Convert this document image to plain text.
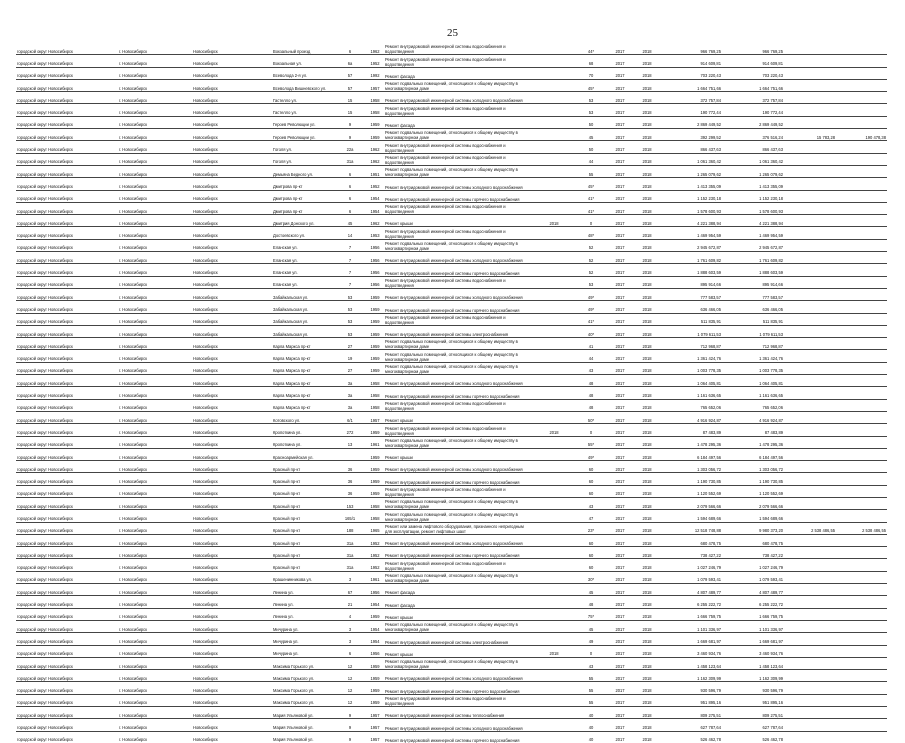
25
городской округ Новосибирск	г. Новосибирск	Новосибирск	Вокзальный проезд	6		1962	Ремонт внутридомовой инженерной системы водоснабжения и водоотведения		44*	2017	2018	966 769,25	966 769,25		
городской округ Новосибирск	г. Новосибирск	Новосибирск	Вокзальная ул.	6а		1952	Ремонт внутридомовой инженерной системы водоснабжения и водоотведения		68	2017	2018	914 609,81	914 609,81		
городской округ Новосибирск	г. Новосибирск	Новосибирск	Всеволода 2-я ул.	57		1992	Ремонт фасада		70	2017	2018	703 220,43	703 220,43		
городской округ Новосибирск	г. Новосибирск	Новосибирск	Всеволода Вишневского ул.	57		1957	Ремонт подвальных помещений, относящихся к общему имуществу в многоквартирном доме		45*	2017	2018	1 664 751,66	1 664 751,66		
городской округ Новосибирск	г. Новосибирск	Новосибирск	Гастелло ул.	15		1958	Ремонт внутридомовой инженерной системы холодного водоснабжения		53	2017	2018	372 757,84	372 757,84		
городской округ Новосибирск	г. Новосибирск	Новосибирск	Гастелло ул.	15		1958	Ремонт внутридомовой инженерной системы водоснабжения и водоотведения		53	2017	2018	190 772,44	190 772,44		
городской округ Новосибирск	г. Новосибирск	Новосибирск	Героев Революции ул.	9		1959	Ремонт фасада		50	2017	2018	2 869 449,52	2 869 449,52		
городской округ Новосибирск	г. Новосибирск	Новосибирск	Героев Революции ул.	9		1959	Ремонт подвальных помещений, относящихся к общему имуществу в многоквартирном доме		45	2017	2018	392 299,52	376 516,24	15 783,28	190 478,38
городской округ Новосибирск	г. Новосибирск	Новосибирск	Гоголя ул.	22а		1962	Ремонт внутридомовой инженерной системы водоснабжения и водоотведения		50	2017	2018	866 437,63	866 437,63		
городской округ Новосибирск	г. Новосибирск	Новосибирск	Гоголя ул.	31а		1962	Ремонт внутридомовой инженерной системы водоснабжения и водоотведения		44	2017	2018	1 061 360,42	1 061 360,42		
городской округ Новосибирск	г. Новосибирск	Новосибирск	Демьяна Бедного ул.	6		1951	Ремонт подвальных помещений, относящихся к общему имуществу в многоквартирном доме		55	2017	2018	1 265 079,62	1 265 079,62		
городской округ Новосибирск	г. Новосибирск	Новосибирск	Дмитрова пр-кт	6		1952	Ремонт внутридомовой инженерной системы холодного водоснабжения		45*	2017	2018	1 413 355,09	1 413 355,09		
городской округ Новосибирск	г. Новосибирск	Новосибирск	Дмитрова пр-кт	6		1954	Ремонт внутридомовой инженерной системы горячего водоснабжения		41*	2017	2018	1 152 230,18	1 152 230,18		
городской округ Новосибирск	г. Новосибирск	Новосибирск	Дмитрова пр-кт	6		1954	Ремонт внутридомовой инженерной системы водоснабжения и водоотведения		41*	2017	2018	1 578 600,93	1 578 600,93		
городской округ Новосибирск	г. Новосибирск	Новосибирск	Дмитрия Донского ул.	45		1962	Ремонт крыши	2018	0	2017	2018	4 221 388,94	4 221 388,94		
городской округ Новосибирск	г. Новосибирск	Новосибирск	Достоевского ул.	14		1953	Ремонт внутридомовой инженерной системы водоснабжения и водоотведения		48*	2017	2018	1 469 954,59	1 469 954,59		
городской округ Новосибирск	г. Новосибирск	Новосибирск	Еланская ул.	7		1956	Ремонт подвальных помещений, относящихся к общему имуществу в многоквартирном доме		52	2017	2018	2 945 672,87	2 945 672,87		
городской округ Новосибирск	г. Новосибирск	Новосибирск	Еланская ул.	7		1956	Ремонт внутридомовой инженерной системы холодного водоснабжения		52	2017	2018	1 761 609,82	1 761 609,82		
городской округ Новосибирск	г. Новосибирск	Новосибирск	Еланская ул.	7		1956	Ремонт внутридомовой инженерной системы горячего водоснабжения		52	2017	2018	1 888 603,59	1 888 603,59		
городской округ Новосибирск	г. Новосибирск	Новосибирск	Еланская ул.	7		1956	Ремонт внутридомовой инженерной системы водоснабжения и водоотведения		53	2017	2018	895 914,66	895 914,66		
городской округ Новосибирск	г. Новосибирск	Новосибирск	Забайкальская ул.	53		1959	Ремонт внутридомовой инженерной системы холодного водоснабжения		49*	2017	2018	777 583,57	777 583,57		
городской округ Новосибирск	г. Новосибирск	Новосибирск	Забайкальская ул.	53		1959	Ремонт внутридомовой инженерной системы горячего водоснабжения		49*	2017	2018	636 466,05	636 466,05		
городской округ Новосибирск	г. Новосибирск	Новосибирск	Забайкальская ул.	53		1959	Ремонт внутридомовой инженерной системы водоснабжения и водоотведения		41*	2017	2018	511 835,91	511 835,91		
городской округ Новосибирск	г. Новосибирск	Новосибирск	Забайкальская ул.	53		1959	Ремонт внутридомовой инженерной системы электроснабжения		40*	2017	2018	1 079 611,53	1 079 611,53		
городской округ Новосибирск	г. Новосибирск	Новосибирск	Карла Маркса пр-кт	27		1959	Ремонт подвальных помещений, относящихся к общему имуществу в многоквартирном доме		41	2017	2018	712 968,87	712 968,87		
городской округ Новосибирск	г. Новосибирск	Новосибирск	Карла Маркса пр-кт	19		1959	Ремонт подвальных помещений, относящихся к общему имуществу в многоквартирном доме		44	2017	2018	1 361 424,76	1 361 424,76		
городской округ Новосибирск	г. Новосибирск	Новосибирск	Карла Маркса пр-кт	27		1959	Ремонт подвальных помещений, относящихся к общему имуществу в многоквартирном доме		43	2017	2018	1 003 778,35	1 003 778,35		
городской округ Новосибирск	г. Новосибирск	Новосибирск	Карла Маркса пр-кт	3а		1958	Ремонт внутридомовой инженерной системы холодного водоснабжения		48	2017	2018	1 064 405,81	1 064 405,81		
городской округ Новосибирск	г. Новосибирск	Новосибирск	Карла Маркса пр-кт	3а		1958	Ремонт внутридомовой инженерной системы горячего водоснабжения		48	2017	2018	1 161 636,65	1 161 636,65		
городской округ Новосибирск	г. Новосибирск	Новосибирск	Карла Маркса пр-кт	3а		1958	Ремонт внутридомовой инженерной системы водоснабжения и водоотведения		48	2017	2018	765 652,06	765 652,06		
городской округ Новосибирск	г. Новосибирск	Новосибирск	Котовского ул.	6/1		1957	Ремонт крыши		50*	2017	2018	4 916 924,87	4 916 924,87		
городской округ Новосибирск	г. Новосибирск	Новосибирск	Кропоткина ул.	272		1959	Ремонт внутридомовой инженерной системы водоснабжения и водоотведения	2018	0	2017	2018	87 483,89	87 483,89		
городской округ Новосибирск	г. Новосибирск	Новосибирск	Кропоткина ул.	13		1961	Ремонт подвальных помещений, относящихся к общему имуществу в многоквартирном доме		55*	2017	2018	1 478 295,36	1 478 295,36		
городской округ Новосибирск	г. Новосибирск	Новосибирск	Красноармейская ул.			1959	Ремонт крыши		49*	2017	2018	6 184 497,56	6 184 497,56		
городской округ Новосибирск	г. Новосибирск	Новосибирск	Красный пр-кт	36		1959	Ремонт внутридомовой инженерной системы холодного водоснабжения		60	2017	2018	1 303 056,72	1 303 056,72		
городской округ Новосибирск	г. Новосибирск	Новосибирск	Красный пр-кт	36		1959	Ремонт внутридомовой инженерной системы горячего водоснабжения		60	2017	2018	1 190 730,85	1 190 730,85		
городской округ Новосибирск	г. Новосибирск	Новосибирск	Красный пр-кт	36		1959	Ремонт внутридомовой инженерной системы водоснабжения и водоотведения		60	2017	2018	1 120 552,69	1 120 552,69		
городской округ Новосибирск	г. Новосибирск	Новосибирск	Красный пр-кт	153		1958	Ремонт подвальных помещений, относящихся к общему имуществу в многоквартирном доме		43	2017	2018	2 079 566,66	2 079 566,66		
городской округ Новосибирск	г. Новосибирск	Новосибирск	Красный пр-кт	165/1		1958	Ремонт подвальных помещений, относящихся к общему имуществу в многоквартирном доме		47	2017	2018	1 594 689,66	1 594 689,66		
городской округ Новосибирск	г. Новосибирск	Новосибирск	Красный пр-кт	188		1965	Ремонт или замена лифтового оборудования, признанного непригодным для эксплуатации, ремонт лифтовых шахт		23*	2017	2018	12 518 748,88	9 980 373,20	2 538 486,55	2 538 486,55
городской округ Новосибирск	г. Новосибирск	Новосибирск	Красный пр-кт	31а		1952	Ремонт внутридомовой инженерной системы холодного водоснабжения		60	2017	2018	680 478,75	680 478,75		
городской округ Новосибирск	г. Новосибирск	Новосибирск	Красный пр-кт	31а		1952	Ремонт внутридомовой инженерной системы горячего водоснабжения		60	2017	2018	738 427,22	738 427,22		
городской округ Новосибирск	г. Новосибирск	Новосибирск	Красный пр-кт	31а		1952	Ремонт внутридомовой инженерной системы водоснабжения и водоотведения		60	2017	2018	1 027 246,79	1 027 246,79		
городской округ Новосибирск	г. Новосибирск	Новосибирск	Крашенинникова ул.	3		1961	Ремонт подвальных помещений, относящихся к общему имуществу в многоквартирном доме		30*	2017	2018	1 079 593,41	1 079 593,41		
городской округ Новосибирск	г. Новосибирск	Новосибирск	Ленина ул.	67		1956	Ремонт фасада		45	2017	2018	4 807 489,77	4 807 489,77		
городской округ Новосибирск	г. Новосибирск	Новосибирск	Ленина ул.	21		1954	Ремонт фасада		48	2017	2018	6 255 222,72	6 255 222,72		
городской округ Новосибирск	г. Новосибирск	Новосибирск	Ленина ул.	4		1959	Ремонт крыши		75*	2017	2018	1 666 759,75	1 666 759,75		
городской округ Новосибирск	г. Новосибирск	Новосибирск	Мичурина ул.	3		1954	Ремонт подвальных помещений, относящихся к общему имуществу в многоквартирном доме		45	2017	2018	1 101 336,97	1 101 336,97		
городской округ Новосибирск	г. Новосибирск	Новосибирск	Мичурина ул.	3		1954	Ремонт внутридомовой инженерной системы электроснабжения		49	2017	2018	1 669 681,97	1 669 681,97		
городской округ Новосибирск	г. Новосибирск	Новосибирск	Мичурина ул.	6		1956	Ремонт крыши	2018	0	2017	2018	3 460 934,76	3 460 934,76		
городской округ Новосибирск	г. Новосибирск	Новосибирск	Максима Горького ул.	12		1959	Ремонт подвальных помещений, относящихся к общему имуществу в многоквартирном доме		43	2017	2018	1 458 123,64	1 458 123,64		
городской округ Новосибирск	г. Новосибирск	Новосибирск	Максима Горького ул.	12		1959	Ремонт внутридомовой инженерной системы холодного водоснабжения		55	2017	2018	1 162 309,99	1 162 309,99		
городской округ Новосибирск	г. Новосибирск	Новосибирск	Максима Горького ул.	12		1959	Ремонт внутридомовой инженерной системы горячего водоснабжения		55	2017	2018	930 596,79	930 596,79		
городской округ Новосибирск	г. Новосибирск	Новосибирск	Максима Горького ул.	12		1959	Ремонт внутридомовой инженерной системы водоснабжения и водоотведения		55	2017	2018	951 895,16	951 895,16		
городской округ Новосибирск	г. Новосибирск	Новосибирск	Мария Ульяновой ул.	9		1957	Ремонт внутридомовой инженерной системы теплоснабжения		40	2017	2018	809 275,51	809 275,51		
городской округ Новосибирск	г. Новосибирск	Новосибирск	Мария Ульяновой ул.	9		1957	Ремонт внутридомовой инженерной системы холодного водоснабжения		40	2017	2018	627 787,64	627 787,64		
городской округ Новосибирск	г. Новосибирск	Новосибирск	Мария Ульяновой ул.	9		1957	Ремонт внутридомовой инженерной системы горячего водоснабжения		40	2017	2018	526 462,78	526 462,78		
